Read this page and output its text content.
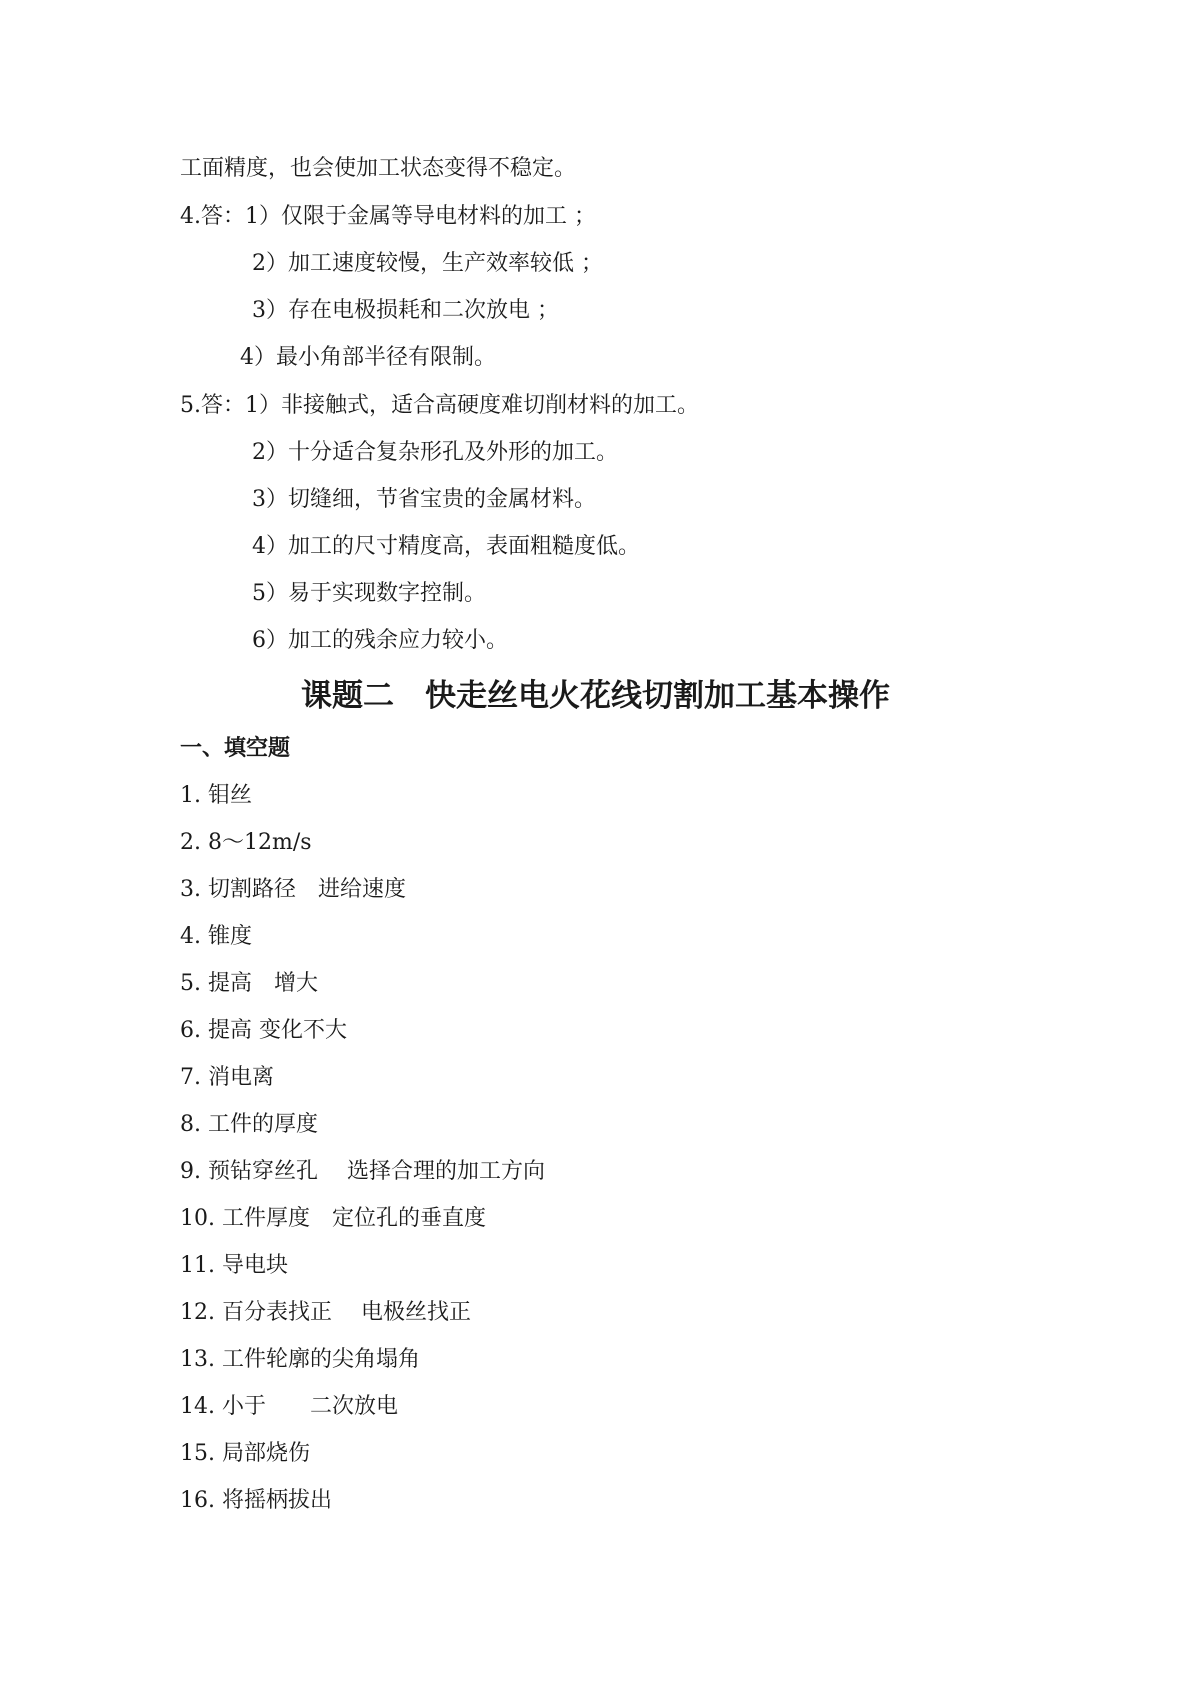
工面精度，也会使加工状态变得不稳定。
4.答：1）仅限于金属等导电材料的加工 ；
2）加工速度较慢，生产效率较低 ；
3）存在电极损耗和二次放电 ；
4）最小角部半径有限制。
5.答：1）非接触式，适合高硬度难切削材料的加工。
2）十分适合复杂形孔及外形的加工。
3）切缝细，节省宝贵的金属材料。
4）加工的尺寸精度高，表面粗糙度低。
5）易于实现数字控制。
6）加工的残余应力较小。
课题二　快走丝电火花线切割加工基本操作
一、填空题
1. 钼丝
2. 8～12m/s
3. 切割路径　进给速度
4. 锥度
5. 提高　增大
6. 提高 变化不大
7. 消电离
8. 工件的厚度
9. 预钻穿丝孔　 选择合理的加工方向
10. 工件厚度　定位孔的垂直度
11. 导电块
12. 百分表找正　 电极丝找正
13. 工件轮廓的尖角塌角
14. 小于　　二次放电
15. 局部烧伤
16. 将摇柄拔出
